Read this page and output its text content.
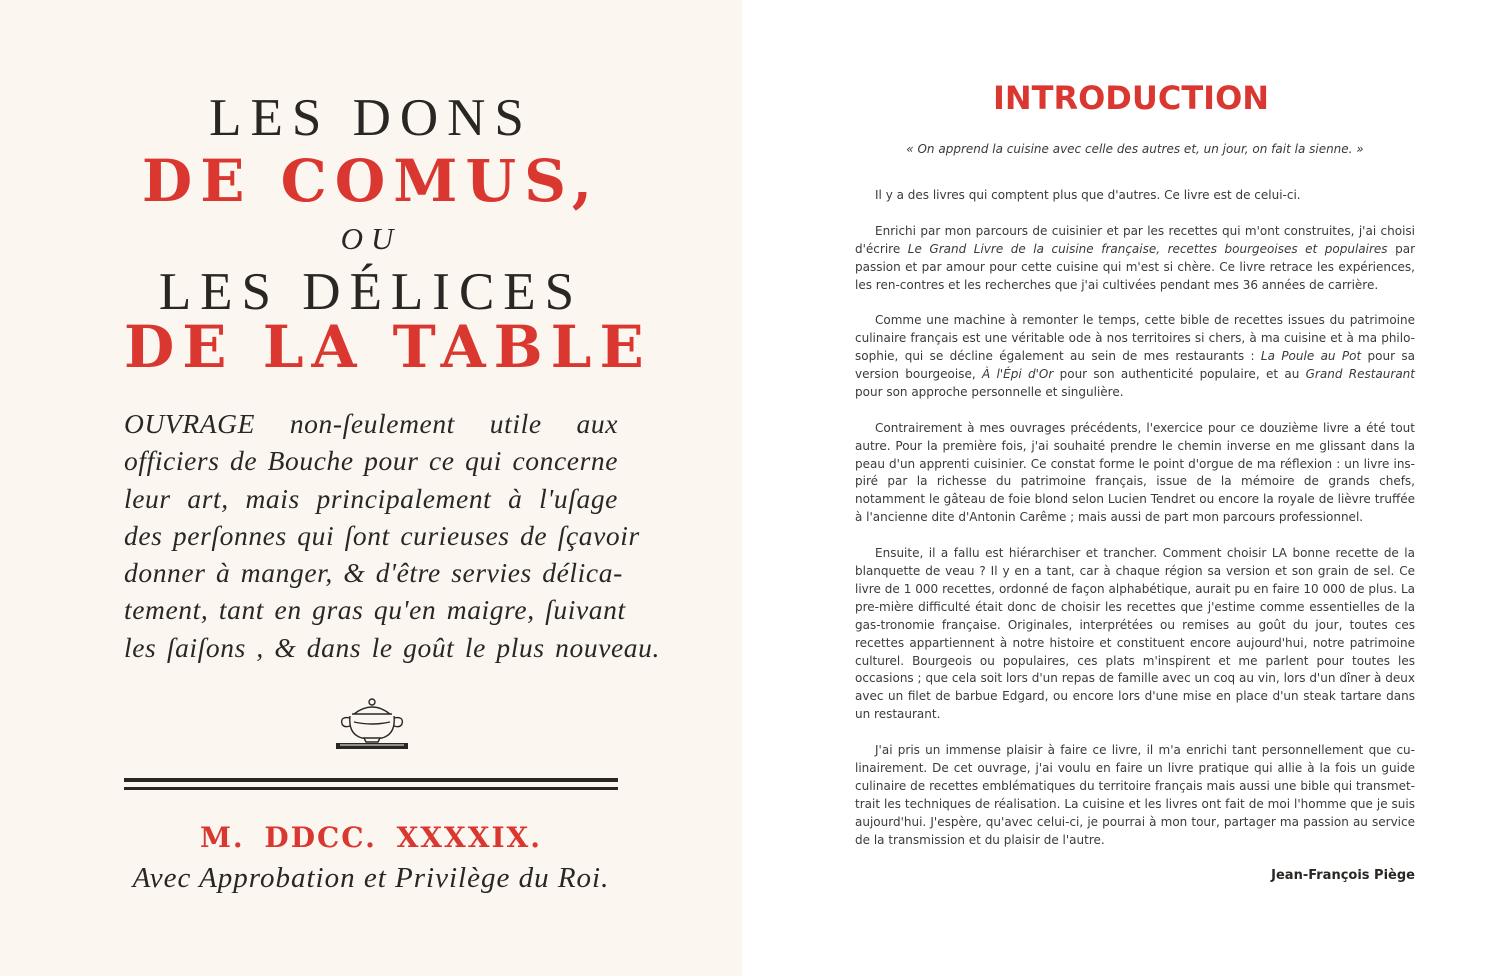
LES DONS
DE COMUS,
OU
LES DÉLICES
DE LA TABLE
OUVRAGE non-ſeulement utile aux
officiers de Bouche pour ce qui concerne
leur art, mais principalement à l'uſage
des perſonnes qui ſont curieuses de ſçavoir
donner à manger, & d'être servies délica-
tement, tant en gras qu'en maigre, ſuivant
les ſaiſons , & dans le goût le plus nouveau.
M. DDCC. XXXXIX.
Avec Approbation et Privilège du Roi.
INTRODUCTION
« On apprend la cuisine avec celle des autres et, un jour, on fait la sienne. »

Il y a des livres qui comptent plus que d'autres. Ce livre est de celui-ci.

Enrichi par mon parcours de cuisinier et par les recettes qui m'ont construites, j'ai choisi d'écrire Le Grand Livre de la cuisine française, recettes bourgeoises et populaires par passion et par amour pour cette cuisine qui m'est si chère. Ce livre retrace les expériences, les ren-contres et les recherches que j'ai cultivées pendant mes 36 années de carrière.

Comme une machine à remonter le temps, cette bible de recettes issues du patrimoine culinaire français est une véritable ode à nos territoires si chers, à ma cuisine et à ma philo-sophie, qui se décline également au sein de mes restaurants : La Poule au Pot pour sa version bourgeoise, À l'Épi d'Or pour son authenticité populaire, et au Grand Restaurant pour son approche personnelle et singulière.

Contrairement à mes ouvrages précédents, l'exercice pour ce douzième livre a été tout autre. Pour la première fois, j'ai souhaité prendre le chemin inverse en me glissant dans la peau d'un apprenti cuisinier. Ce constat forme le point d'orgue de ma réflexion : un livre ins-piré par la richesse du patrimoine français, issue de la mémoire de grands chefs, notamment le gâteau de foie blond selon Lucien Tendret ou encore la royale de lièvre truffée à l'ancienne dite d'Antonin Carême ; mais aussi de part mon parcours professionnel.

Ensuite, il a fallu est hiérarchiser et trancher. Comment choisir LA bonne recette de la blanquette de veau ? Il y en a tant, car à chaque région sa version et son grain de sel. Ce livre de 1 000 recettes, ordonné de façon alphabétique, aurait pu en faire 10 000 de plus. La pre-mière difficulté était donc de choisir les recettes que j'estime comme essentielles de la gas-tronomie française. Originales, interprétées ou remises au goût du jour, toutes ces recettes appartiennent à notre histoire et constituent encore aujourd'hui, notre patrimoine culturel. Bourgeois ou populaires, ces plats m'inspirent et me parlent pour toutes les occasions ; que cela soit lors d'un repas de famille avec un coq au vin, lors d'un dîner à deux avec un filet de barbue Edgard, ou encore lors d'une mise en place d'un steak tartare dans un restaurant.

J'ai pris un immense plaisir à faire ce livre, il m'a enrichi tant personnellement que cu-linairement. De cet ouvrage, j'ai voulu en faire un livre pratique qui allie à la fois un guide culinaire de recettes emblématiques du territoire français mais aussi une bible qui transmet-trait les techniques de réalisation. La cuisine et les livres ont fait de moi l'homme que je suis aujourd'hui. J'espère, qu'avec celui-ci, je pourrai à mon tour, partager ma passion au service de la transmission et du plaisir de l'autre.

Jean-François Piège
